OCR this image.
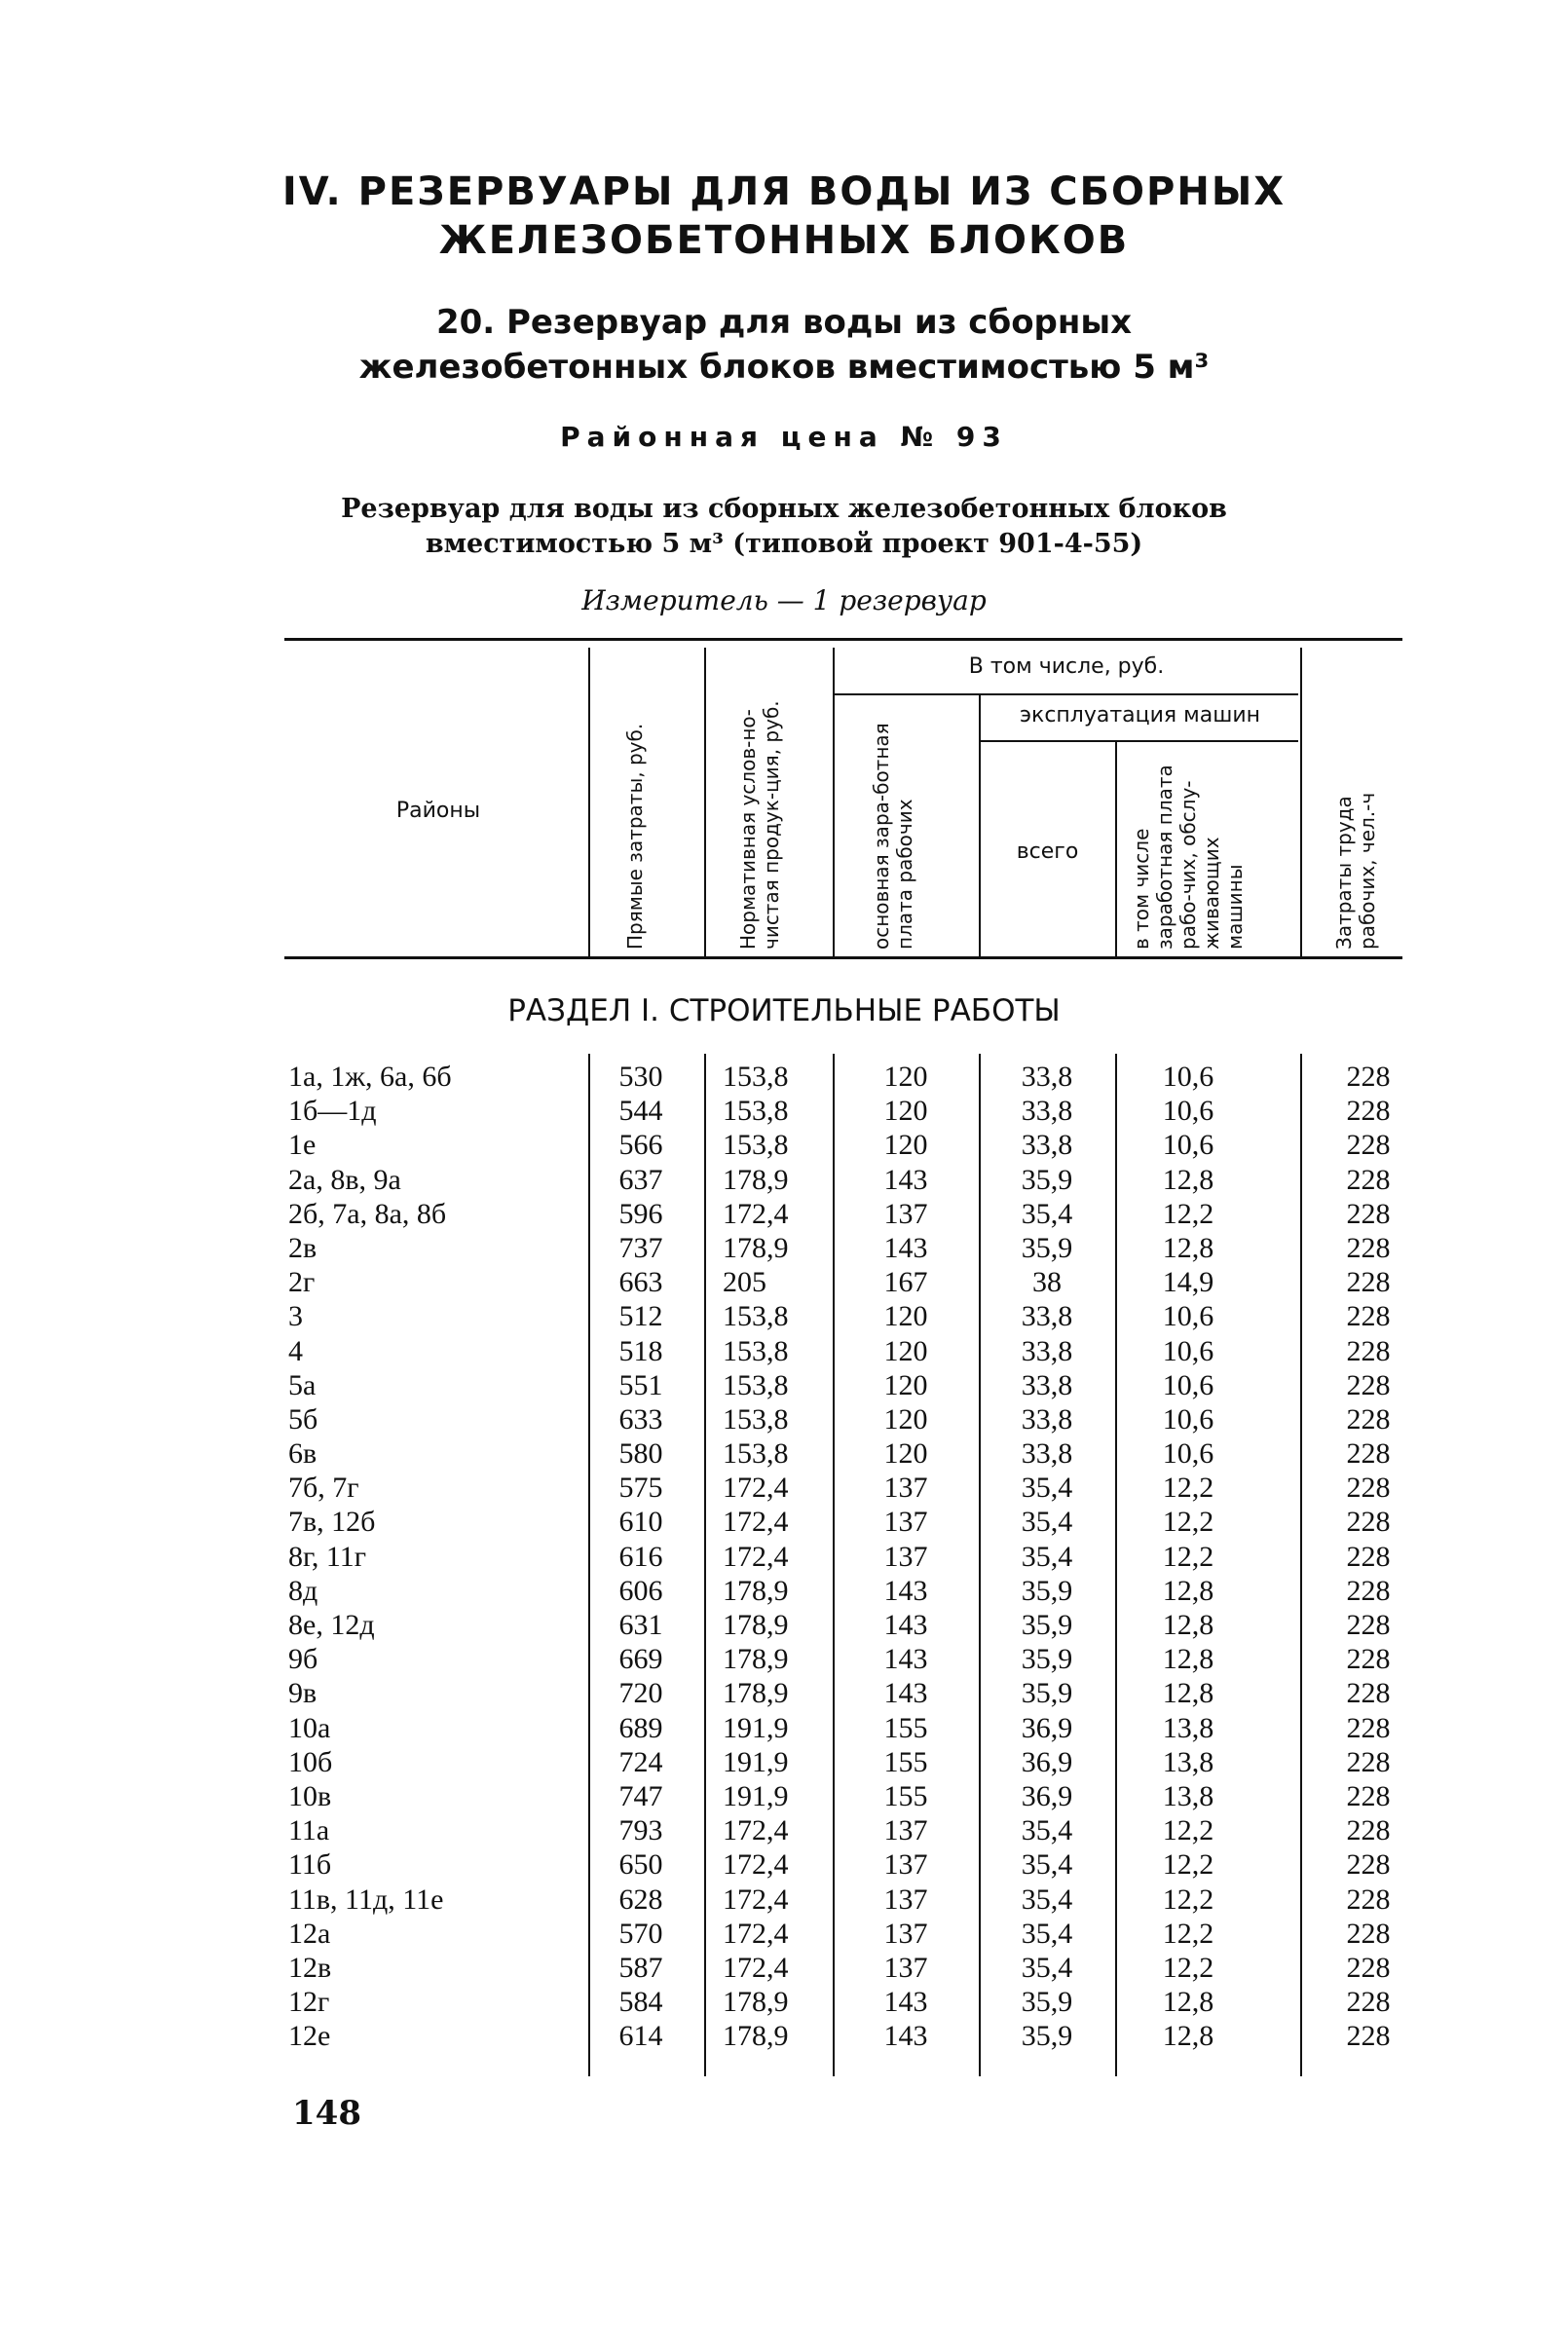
IV. РЕЗЕРВУАРЫ ДЛЯ ВОДЫ ИЗ СБОРНЫХ
ЖЕЛЕЗОБЕТОННЫХ БЛОКОВ
20. Резервуар для воды из сборных
железобетонных блоков вместимостью 5 м³
Районная цена № 93
Резервуар для воды из сборных железобетонных блоков
вместимостью 5 м³ (типовой проект 901-4-55)
Измеритель — 1 резервуар
Районы	Прямые затраты, руб.	Нормативная услов-но-чистая продук-ция, руб.
В том числе, руб.
основная зара-ботная плата рабочих
эксплуатация машин
всего	в том числе заработная плата рабо-чих, обслу-живающих машины	Затраты труда рабочих, чел.-ч
РАЗДЕЛ I. СТРОИТЕЛЬНЫЕ РАБОТЫ
1а, 1ж, 6а, 6б	530	153,8	120	33,8	10,6	228
1б—1д	544	153,8	120	33,8	10,6	228
1е	566	153,8	120	33,8	10,6	228
2а, 8в, 9а	637	178,9	143	35,9	12,8	228
2б, 7а, 8а, 8б	596	172,4	137	35,4	12,2	228
2в	737	178,9	143	35,9	12,8	228
2г	663	205	167	38	14,9	228
3	512	153,8	120	33,8	10,6	228
4	518	153,8	120	33,8	10,6	228
5а	551	153,8	120	33,8	10,6	228
5б	633	153,8	120	33,8	10,6	228
6в	580	153,8	120	33,8	10,6	228
7б, 7г	575	172,4	137	35,4	12,2	228
7в, 12б	610	172,4	137	35,4	12,2	228
8г, 11г	616	172,4	137	35,4	12,2	228
8д	606	178,9	143	35,9	12,8	228
8е, 12д	631	178,9	143	35,9	12,8	228
9б	669	178,9	143	35,9	12,8	228
9в	720	178,9	143	35,9	12,8	228
10а	689	191,9	155	36,9	13,8	228
10б	724	191,9	155	36,9	13,8	228
10в	747	191,9	155	36,9	13,8	228
11а	793	172,4	137	35,4	12,2	228
11б	650	172,4	137	35,4	12,2	228
11в, 11д, 11е	628	172,4	137	35,4	12,2	228
12а	570	172,4	137	35,4	12,2	228
12в	587	172,4	137	35,4	12,2	228
12г	584	178,9	143	35,9	12,8	228
12е	614	178,9	143	35,9	12,8	228
148
